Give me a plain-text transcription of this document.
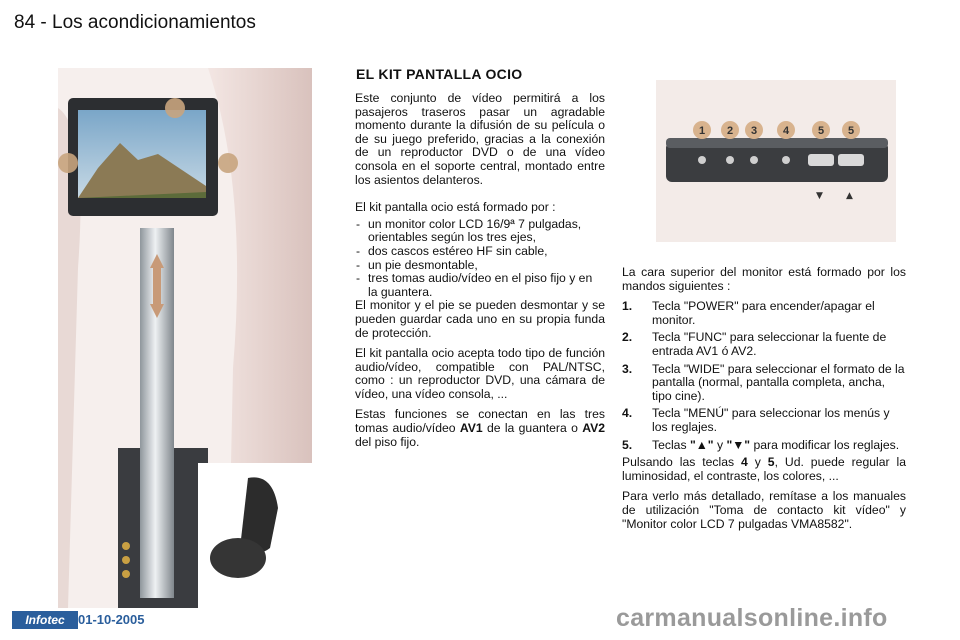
84 - Los acondicionamientos
EL KIT PANTALLA OCIO

Este conjunto de vídeo permitirá a los pasajeros traseros pasar un agradable momento durante la difusión de su película o de su juego preferido, gracias a la conexión de un reproductor DVD o de una vídeo consola en el soporte central, montado entre los asientos delanteros.

El kit pantalla ocio está formado por :

- un monitor color LCD 16/9ª 7 pulgadas, orientables según los tres ejes,
- dos cascos estéreo HF sin cable,
- un pie desmontable,
- tres tomas audio/vídeo en el piso fijo y en la guantera.

El monitor y el pie se pueden desmontar y se pueden guardar cada uno en su propia funda de protección.

El kit pantalla ocio acepta todo tipo de función audio/vídeo, compatible con PAL/NTSC, como : un reproductor DVD, una cámara de vídeo, una vídeo consola, ...

Estas funciones se conectan en las tres tomas audio/vídeo AV1 de la guantera o AV2 del piso fijo.

▼	▲
1 2 3 4	5 5

La cara superior del monitor está formado por los mandos siguientes :

1. Tecla "POWER" para encender/apagar el monitor.
2. Tecla "FUNC" para seleccionar la fuente de entrada AV1 ó AV2.
3. Tecla "WIDE" para seleccionar el formato de la pantalla (normal, pantalla completa, ancha, tipo cine).
4. Tecla "MENÚ" para seleccionar los menús y los reglajes.
5. Teclas "▲" y "▼" para modificar los reglajes.

Pulsando las teclas 4 y 5, Ud. puede regular la luminosidad, el contraste, los colores, ...

Para verlo más detallado, remítase a los manuales de utilización "Toma de contacto kit vídeo" y "Monitor color LCD 7 pulgadas VMA8582".

Infotec	01-10-2005	carmanualsonline.info
